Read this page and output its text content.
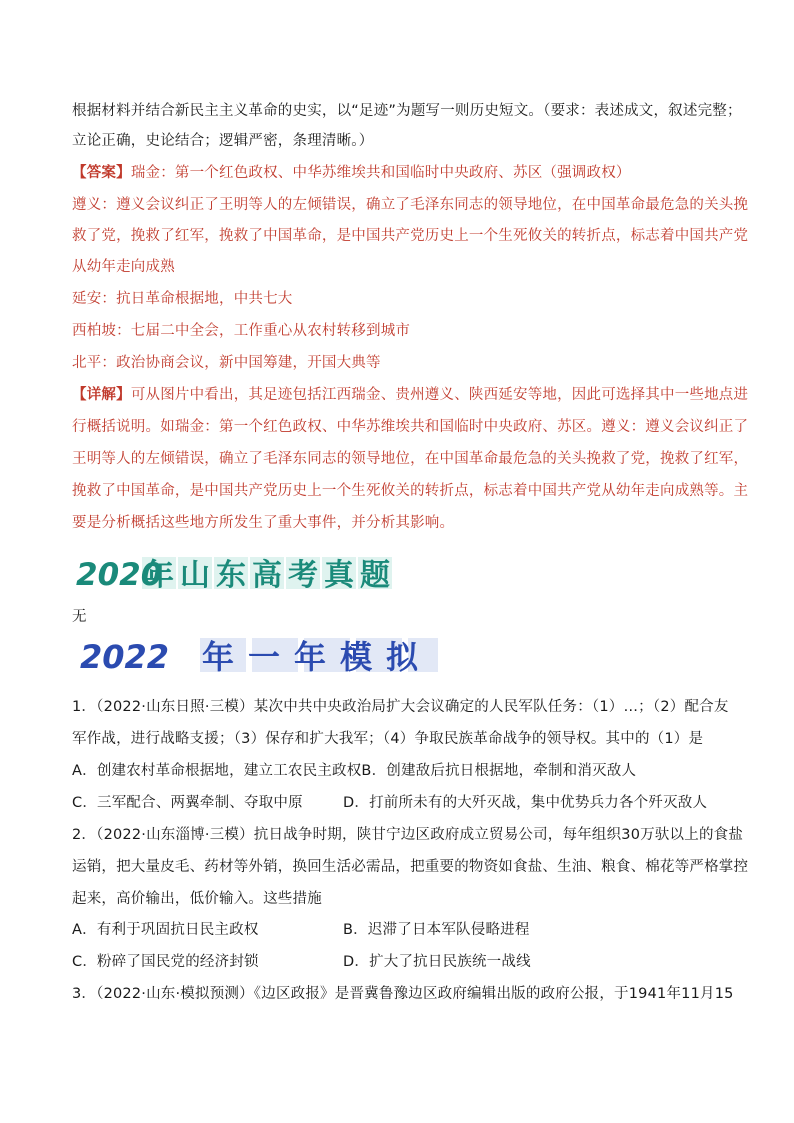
根据材料并结合新民主主义革命的史实，以“足迹”为题写一则历史短文。（要求：表述成文，叙述完整；
立论正确，史论结合；逻辑严密，条理清晰。）
【答案】瑞金：第一个红色政权、中华苏维埃共和国临时中央政府、苏区（强调政权）
遵义：遵义会议纠正了王明等人的左倾错误，确立了毛泽东同志的领导地位，在中国革命最危急的关头挽
救了党，挽救了红军，挽救了中国革命，是中国共产党历史上一个生死攸关的转折点，标志着中国共产党
从幼年走向成熟
延安：抗日革命根据地，中共七大
西柏坡：七届二中全会，工作重心从农村转移到城市
北平：政治协商会议，新中国筹建，开国大典等
【详解】可从图片中看出，其足迹包括江西瑞金、贵州遵义、陕西延安等地，因此可选择其中一些地点进
行概括说明。如瑞金：第一个红色政权、中华苏维埃共和国临时中央政府、苏区。遵义：遵义会议纠正了
王明等人的左倾错误，确立了毛泽东同志的领导地位，在中国革命最危急的关头挽救了党，挽救了红军，
挽救了中国革命，是中国共产党历史上一个生死攸关的转折点，标志着中国共产党从幼年走向成熟等。主
要是分析概括这些地方所发生了重大事件，并分析其影响。
2020
年山东高考真题
无
2022 年一年模拟
1．（2022·山东日照·三模）某次中共中央政治局扩大会议确定的人民军队任务：（1）…；（2）配合友
军作战，进行战略支援；（3）保存和扩大我军；（4）争取民族革命战争的领导权。其中的（1）是
A．创建农村革命根据地，建立工农民主政权B．创建敌后抗日根据地，牵制和消灭敌人
C．三军配合、两翼牵制、夺取中原	D．打前所未有的大歼灭战，集中优势兵力各个歼灭敌人
2．（2022·山东淄博·三模）抗日战争时期，陕甘宁边区政府成立贸易公司，每年组织30万驮以上的食盐
运销，把大量皮毛、药材等外销，换回生活必需品，把重要的物资如食盐、生油、粮食、棉花等严格掌控
起来，高价输出，低价输入。这些措施
A．有利于巩固抗日民主政权	B．迟滞了日本军队侵略进程
C．粉碎了国民党的经济封锁	D．扩大了抗日民族统一战线
3．（2022·山东·模拟预测）《边区政报》是晋冀鲁豫边区政府编辑出版的政府公报，于1941年11月15
